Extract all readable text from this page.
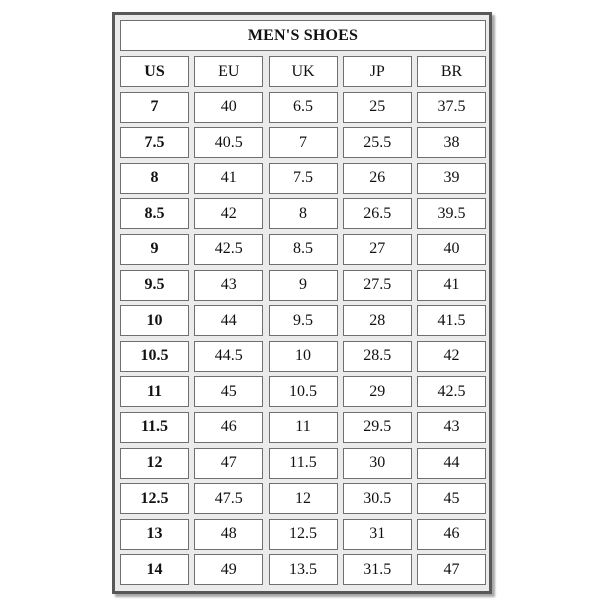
MEN'S SHOES
US	EU	UK	JP	BR
7	40	6.5	25	37.5
7.5	40.5	7	25.5	38
8	41	7.5	26	39
8.5	42	8	26.5	39.5
9	42.5	8.5	27	40
9.5	43	9	27.5	41
10	44	9.5	28	41.5
10.5	44.5	10	28.5	42
11	45	10.5	29	42.5
11.5	46	11	29.5	43
12	47	11.5	30	44
12.5	47.5	12	30.5	45
13	48	12.5	31	46
14	49	13.5	31.5	47
